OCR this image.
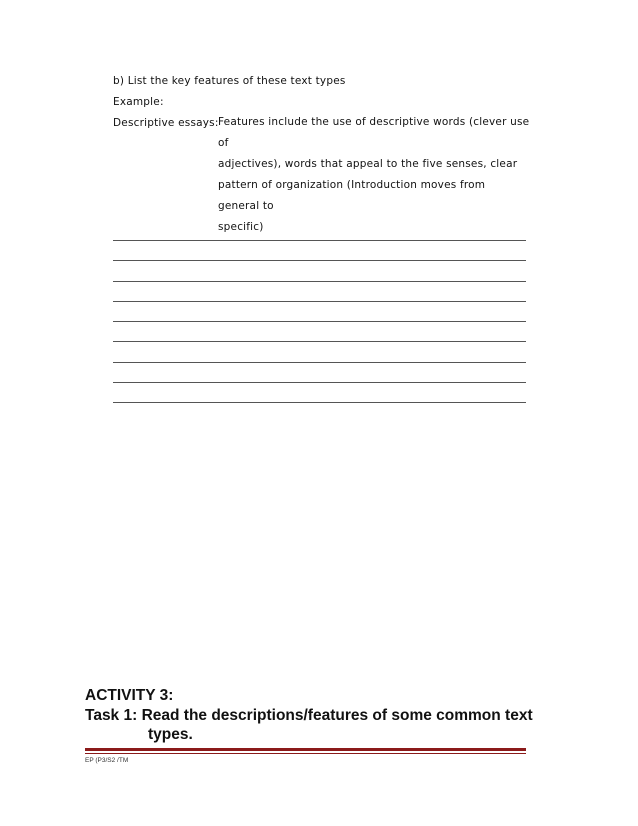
b) List the key features of these text types
Example:
Descriptive essays: Features include the use of descriptive words (clever use of
adjectives), words that appeal to the five senses, clear
pattern of organization (Introduction moves from general to
specific)
ACTIVITY 3:
Task 1: Read the descriptions/features of some common text
types.
EP (P3/S2 /TM
